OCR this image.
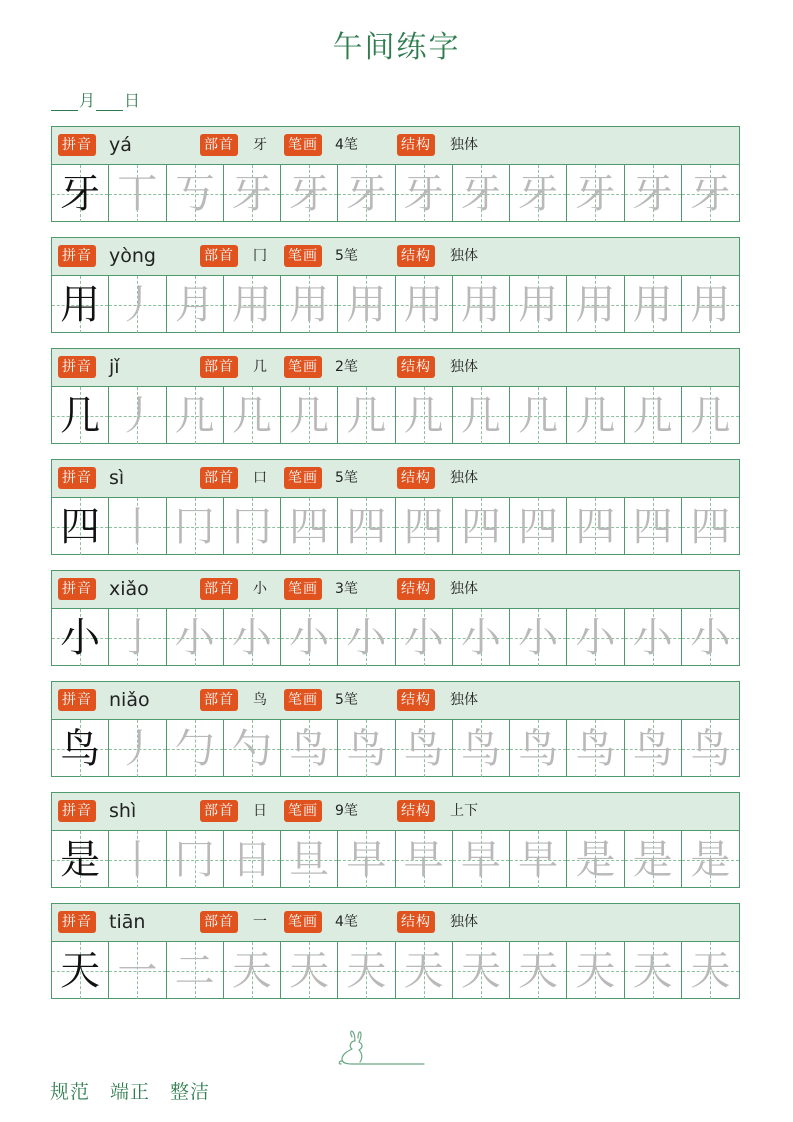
午间练字
月 日
拼音 yá	部首 牙 笔画 4笔	结构 独体
牙 丅 丂 牙 牙 牙 牙 牙 牙 牙 牙 牙
拼音 yòng	部首 冂 笔画 5笔	结构 独体
用 丿 月 用 用 用 用 用 用 用 用 用
拼音 jǐ	部首 几 笔画 2笔	结构 独体
几 丿 几 几 几 几 几 几 几 几 几 几
拼音 sì	部首 口 笔画 5笔	结构 独体
四 丨 冂 冂 四 四 四 四 四 四 四 四
拼音 xiǎo	部首 小 笔画 3笔	结构 独体
小 亅 小 小 小 小 小 小 小 小 小 小
拼音 niǎo	部首 鸟 笔画 5笔	结构 独体
鸟 丿 勹 勺 鸟 鸟 鸟 鸟 鸟 鸟 鸟 鸟
拼音 shì	部首 日 笔画 9笔	结构 上下
是 丨 冂 日 旦 早 早 早 早 是 是 是
拼音 tiān	部首 一 笔画 4笔	结构 独体
天 一 二 天 天 天 天 天 天 天 天 天
规范 端正 整洁
